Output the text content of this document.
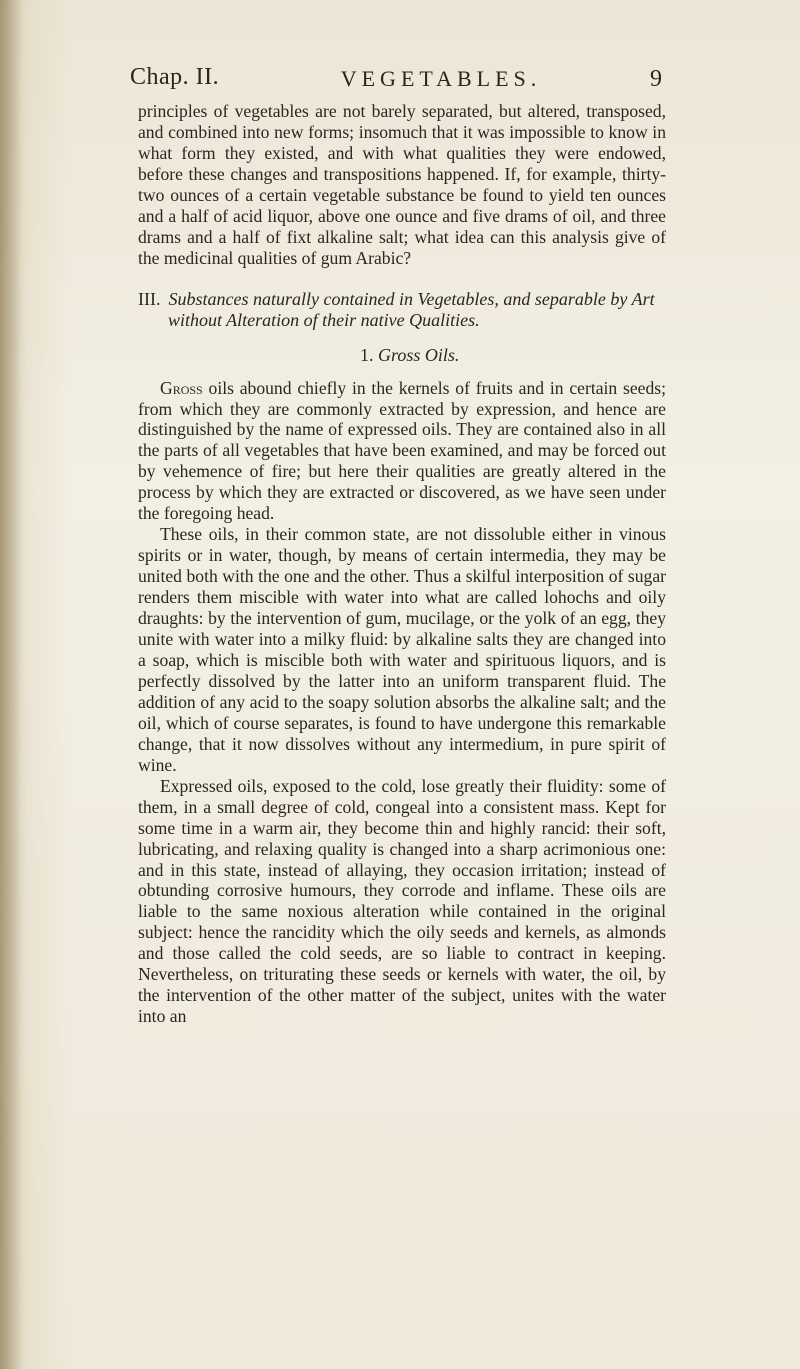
Chap. II.	VEGETABLES.	9

principles of vegetables are not barely separated, but altered, transposed, and combined into new forms; insomuch that it was impossible to know in what form they existed, and with what qualities they were endowed, before these changes and transpositions happened. If, for example, thirty-two ounces of a certain vegetable substance be found to yield ten ounces and a half of acid liquor, above one ounce and five drams of oil, and three drams and a half of fixt alkaline salt; what idea can this analysis give of the medicinal qualities of gum Arabic?

III. Substances naturally contained in Vegetables, and separable by Art without Alteration of their native Qualities.

1. Gross Oils.

Gross oils abound chiefly in the kernels of fruits and in certain seeds; from which they are commonly extracted by expression, and hence are distinguished by the name of expressed oils. They are contained also in all the parts of all vegetables that have been examined, and may be forced out by vehemence of fire; but here their qualities are greatly altered in the process by which they are extracted or discovered, as we have seen under the foregoing head.

These oils, in their common state, are not dissoluble either in vinous spirits or in water, though, by means of certain intermedia, they may be united both with the one and the other. Thus a skilful interposition of sugar renders them miscible with water into what are called lohochs and oily draughts: by the intervention of gum, mucilage, or the yolk of an egg, they unite with water into a milky fluid: by alkaline salts they are changed into a soap, which is miscible both with water and spirituous liquors, and is perfectly dissolved by the latter into an uniform transparent fluid. The addition of any acid to the soapy solution absorbs the alkaline salt; and the oil, which of course separates, is found to have undergone this remarkable change, that it now dissolves without any intermedium, in pure spirit of wine.

Expressed oils, exposed to the cold, lose greatly their fluidity: some of them, in a small degree of cold, congeal into a consistent mass. Kept for some time in a warm air, they become thin and highly rancid: their soft, lubricating, and relaxing quality is changed into a sharp acrimonious one: and in this state, instead of allaying, they occasion irritation; instead of obtunding corrosive humours, they corrode and inflame. These oils are liable to the same noxious alteration while contained in the original subject: hence the rancidity which the oily seeds and kernels, as almonds and those called the cold seeds, are so liable to contract in keeping. Nevertheless, on triturating these seeds or kernels with water, the oil, by the intervention of the other matter of the subject, unites with the water into an
